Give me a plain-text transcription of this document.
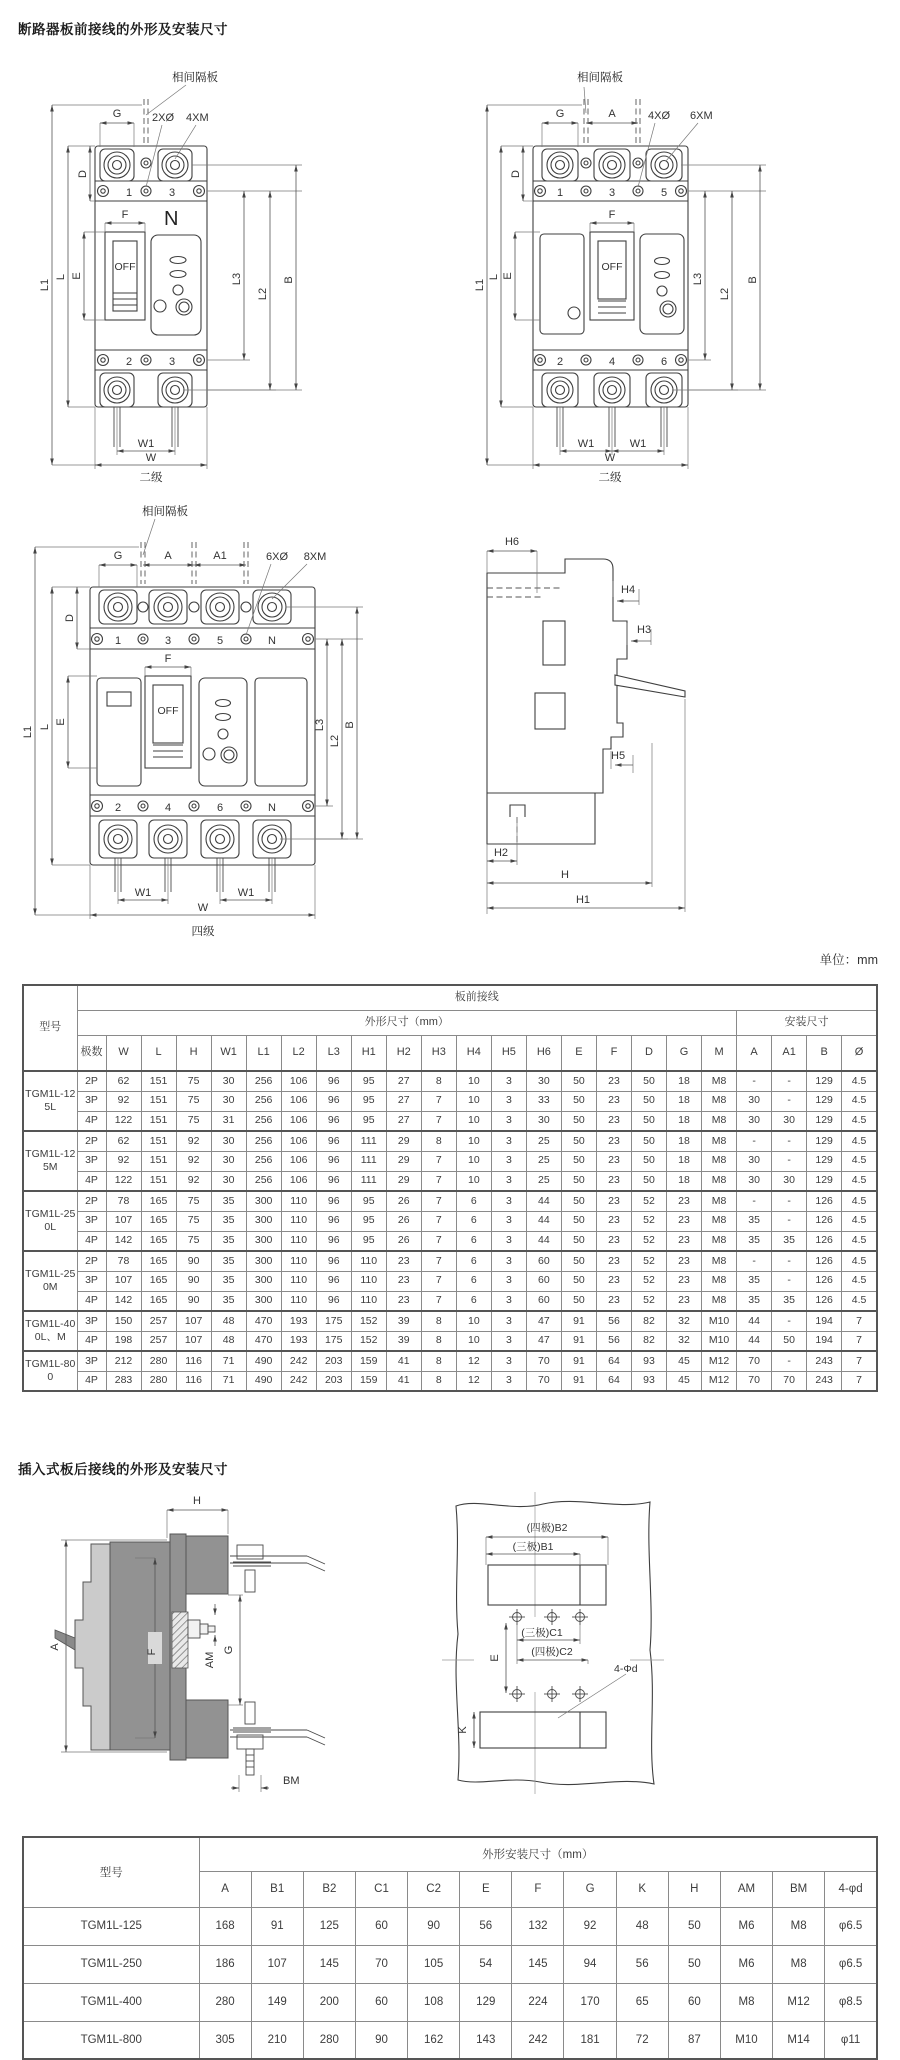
断路器板前接线的外形及安装尺寸
相间隔板
2XØ 4XM
G
L1
L E
D
F N
OFF
1	3
2	3
L3
L2
B
W1
W
二级
相间隔板
4XØ 6XM
G	A
L1
L E
D
F
OFF
1	3	5
2	4	6
L3
L2
B
W1	W1
W
二级
相间隔板
G	A	A1	6XØ 8XM
L1 L
E
D
F
OFF
1	3	5	N
2	4	6	N
L3
L2
B
W1	W1
W
四级
H6
H4
H3
H5
H2
H
H1
单位：mm
型号	板前接线																						
	外形尺寸（mm）																			安装尺寸			
	极数	W	L	H	W1	L1	L2	L3	H1	H2	H3	H4	H5	H6	E	F	D	G	M	A	A1	B	Ø
TGM1L-125L	2P	62	151	75	30	256	106	96	95	27	8	10	3	30	50	23	50	18	M8	-	-	129	4.5
	3P	92	151	75	30	256	106	96	95	27	7	10	3	33	50	23	50	18	M8	30	-	129	4.5
	4P	122	151	75	31	256	106	96	95	27	7	10	3	30	50	23	50	18	M8	30	30	129	4.5
TGM1L-125M	2P	62	151	92	30	256	106	96	111	29	8	10	3	25	50	23	50	18	M8	-	-	129	4.5
	3P	92	151	92	30	256	106	96	111	29	7	10	3	25	50	23	50	18	M8	30	-	129	4.5
	4P	122	151	92	30	256	106	96	111	29	7	10	3	25	50	23	50	18	M8	30	30	129	4.5
TGM1L-250L	2P	78	165	75	35	300	110	96	95	26	7	6	3	44	50	23	52	23	M8	-	-	126	4.5
	3P	107	165	75	35	300	110	96	95	26	7	6	3	44	50	23	52	23	M8	35	-	126	4.5
	4P	142	165	75	35	300	110	96	95	26	7	6	3	44	50	23	52	23	M8	35	35	126	4.5
TGM1L-250M	2P	78	165	90	35	300	110	96	110	23	7	6	3	60	50	23	52	23	M8	-	-	126	4.5
	3P	107	165	90	35	300	110	96	110	23	7	6	3	60	50	23	52	23	M8	35	-	126	4.5
	4P	142	165	90	35	300	110	96	110	23	7	6	3	60	50	23	52	23	M8	35	35	126	4.5
TGM1L-400L、M	3P	150	257	107	48	470	193	175	152	39	8	10	3	47	91	56	82	32	M10	44	-	194	7
	4P	198	257	107	48	470	193	175	152	39	8	10	3	47	91	56	82	32	M10	44	50	194	7
TGM1L-800	3P	212	280	116	71	490	242	203	159	41	8	12	3	70	91	64	93	45	M12	70	-	243	7
	4P	283	280	116	71	490	242	203	159	41	8	12	3	70	91	64	93	45	M12	70	70	243	7
插入式板后接线的外形及安装尺寸
H
A
F	AM
G
BM
(四极)B2
(三极)B1
(三极)C1
(四极)C2
E
K
4-Φd
型号	外形安装尺寸（mm）												
	A	B1	B2	C1	C2	E	F	G	K	H	AM	BM	4-φd
TGM1L-125	168	91	125	60	90	56	132	92	48	50	M6	M8	φ6.5
TGM1L-250	186	107	145	70	105	54	145	94	56	50	M6	M8	φ6.5
TGM1L-400	280	149	200	60	108	129	224	170	65	60	M8	M12	φ8.5
TGM1L-800	305	210	280	90	162	143	242	181	72	87	M10	M14	φ11
